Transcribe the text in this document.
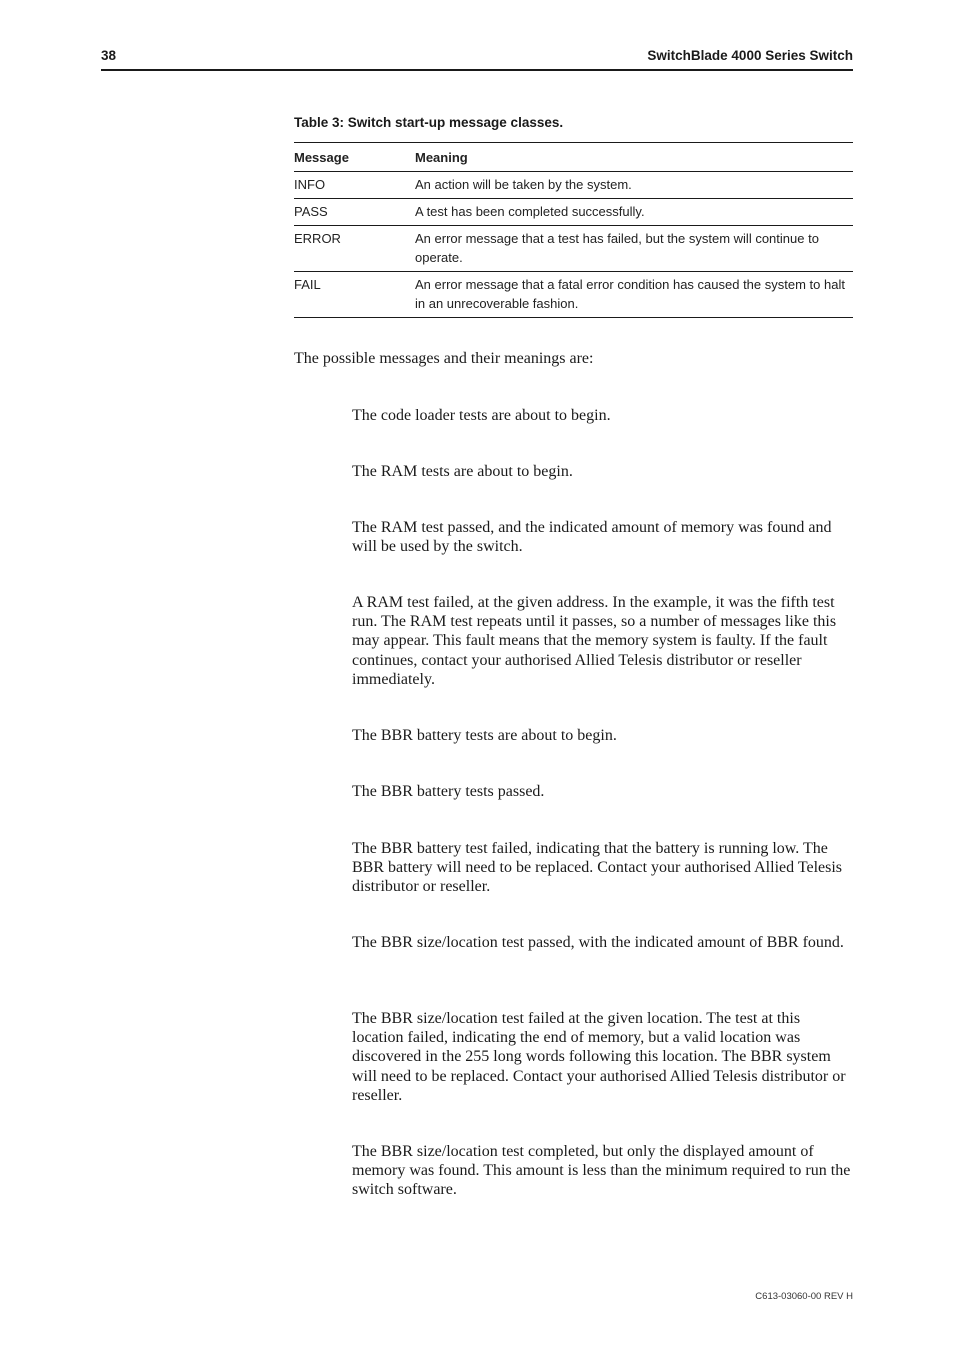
38	SwitchBlade 4000 Series Switch
Table 3: Switch start-up message classes.
Message	Meaning
INFO	An action will be taken by the system.
PASS	A test has been completed successfully.
ERROR	An error message that a test has failed, but the system will continue to operate.
FAIL	An error message that a fatal error condition has caused the system to halt in an unrecoverable fashion.

The possible messages and their meanings are:

The code loader tests are about to begin.

The RAM tests are about to begin.

The RAM test passed, and the indicated amount of memory was found and will be used by the switch.

A RAM test failed, at the given address. In the example, it was the fifth test run. The RAM test repeats until it passes, so a number of messages like this may appear. This fault means that the memory system is faulty. If the fault continues, contact your authorised Allied Telesis distributor or reseller immediately.

The BBR battery tests are about to begin.

The BBR battery tests passed.

The BBR battery test failed, indicating that the battery is running low. The BBR battery will need to be replaced. Contact your authorised Allied Telesis distributor or reseller.

The BBR size/location test passed, with the indicated amount of BBR found.

The BBR size/location test failed at the given location. The test at this location failed, indicating the end of memory, but a valid location was discovered in the 255 long words following this location. The BBR system will need to be replaced. Contact your authorised Allied Telesis distributor or reseller.

The BBR size/location test completed, but only the displayed amount of memory was found. This amount is less than the minimum required to run the switch software.

C613-03060-00 REV H
